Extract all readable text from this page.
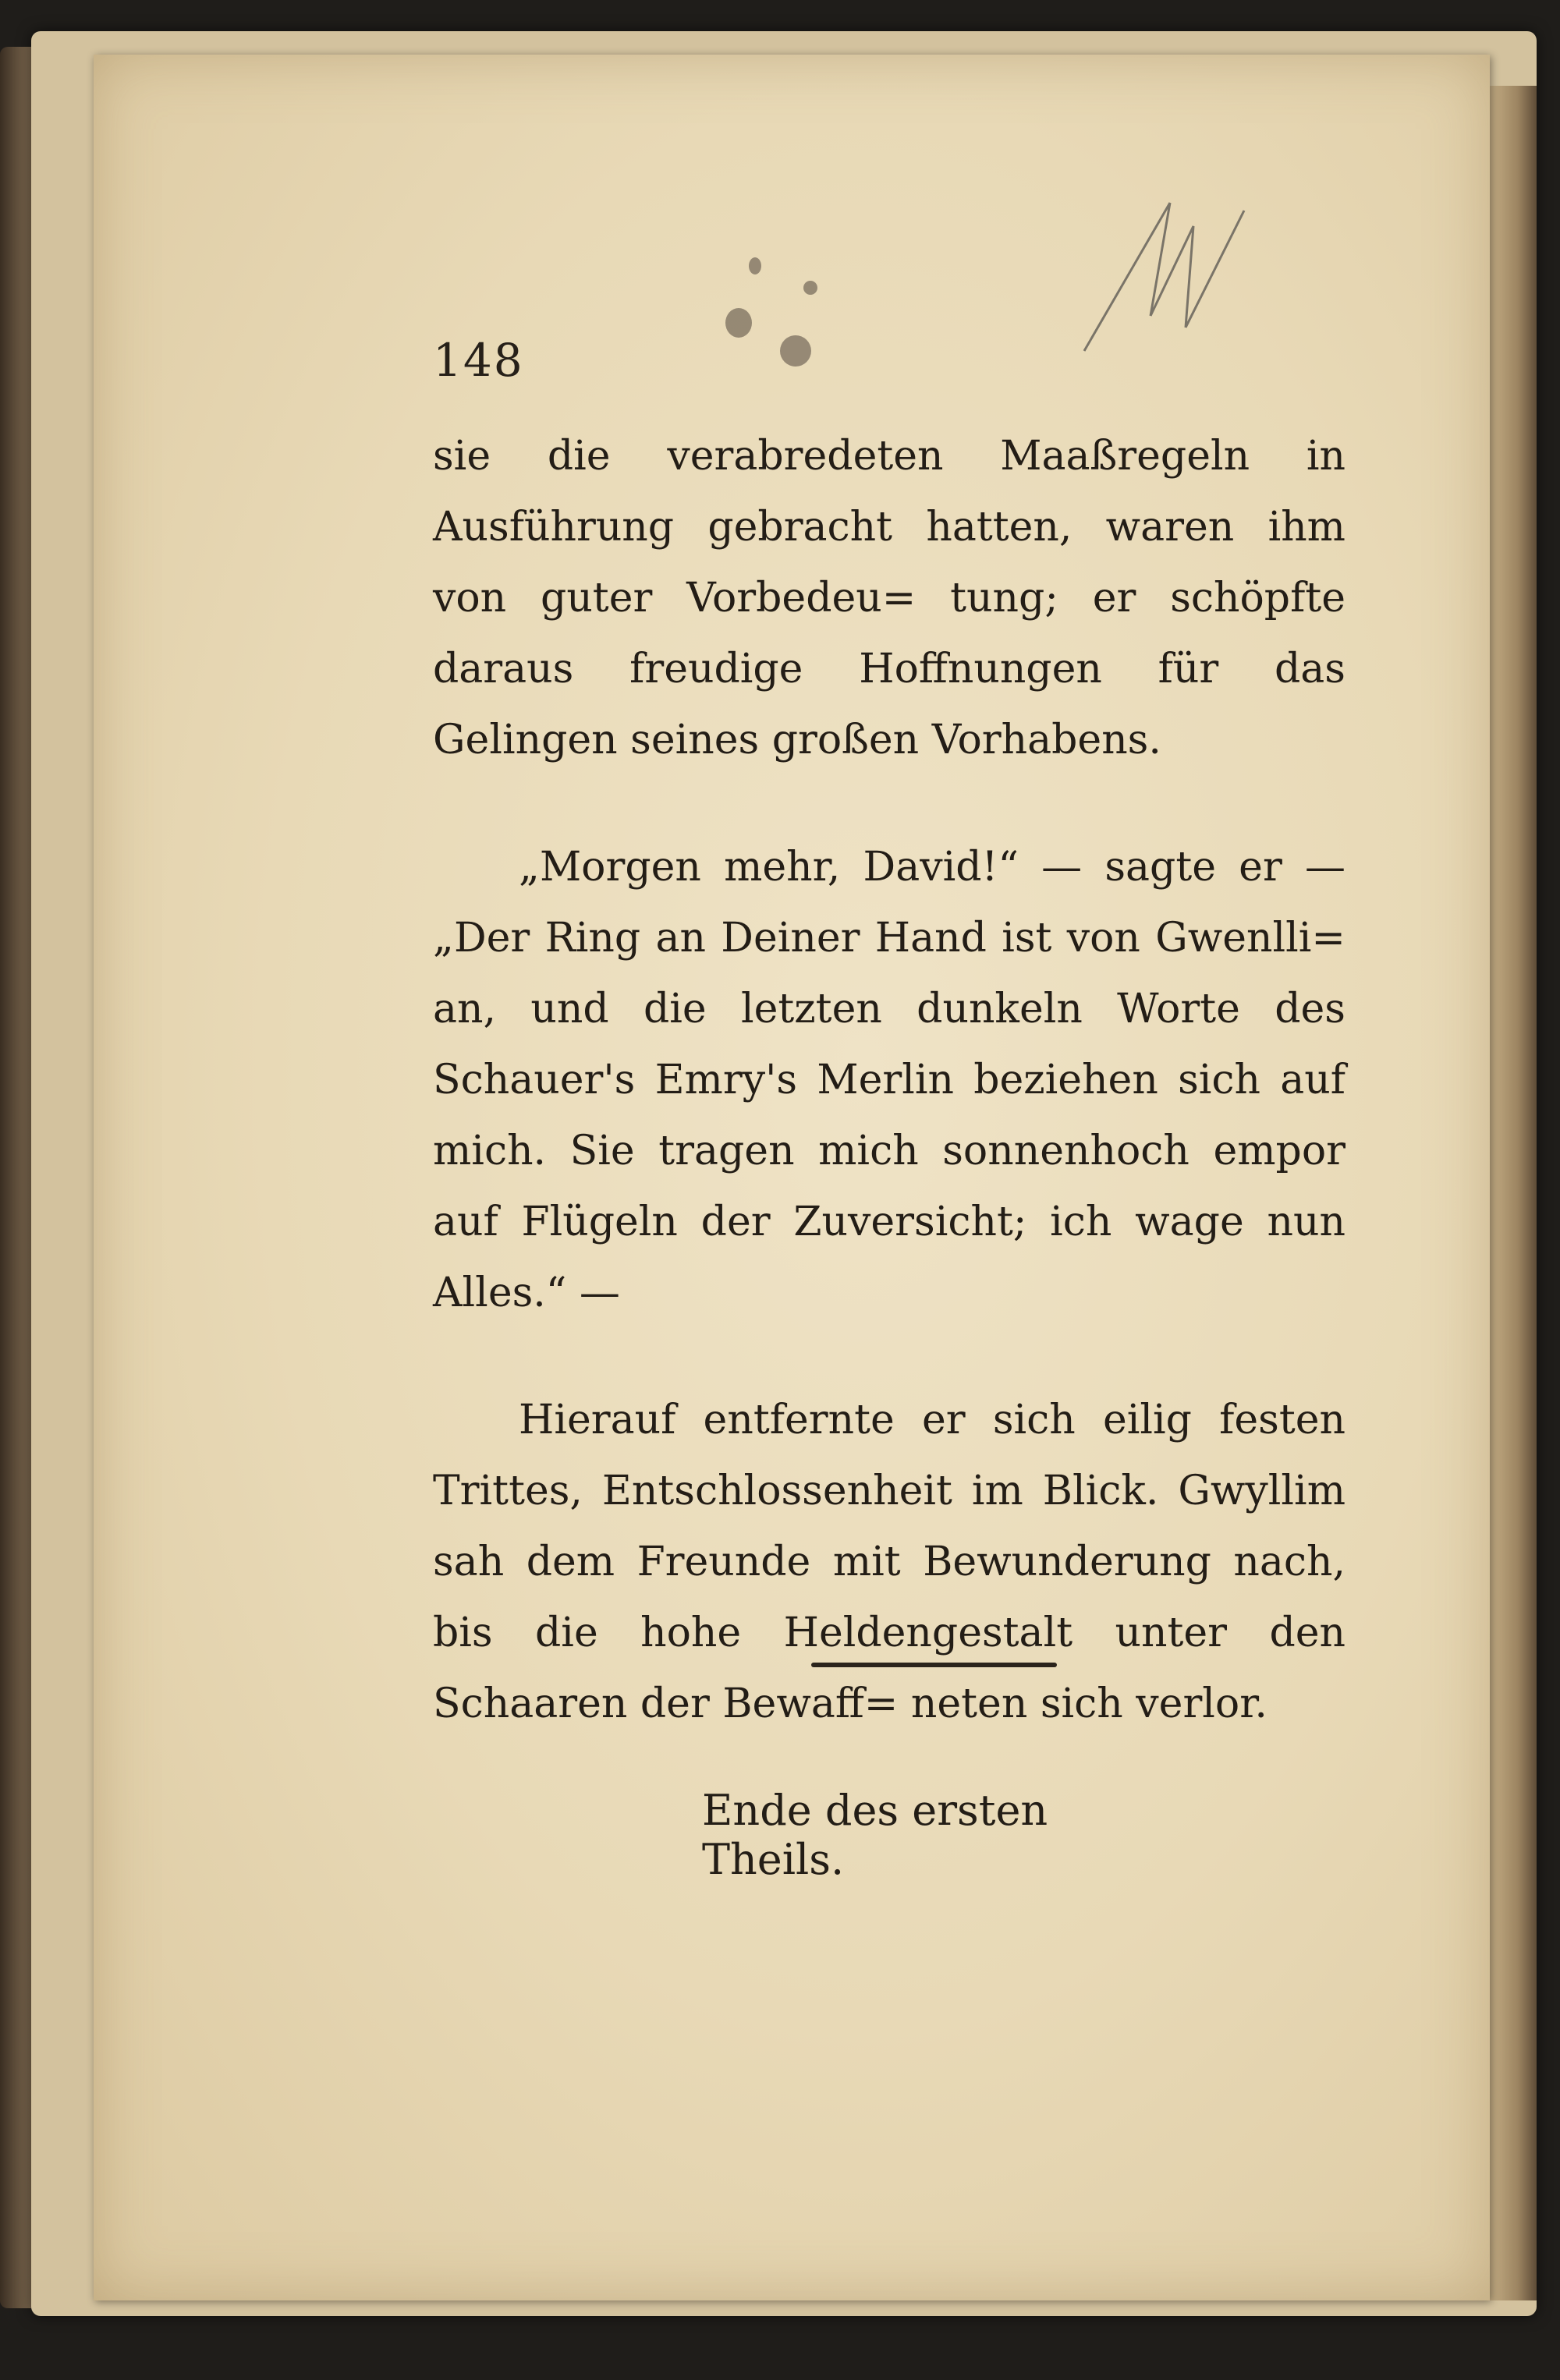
148

sie die verabredeten Maaßregeln in Ausführung gebracht hatten, waren ihm von guter Vorbedeu= tung; er schöpfte daraus freudige Hoffnungen für das Gelingen seines großen Vorhabens.

„Morgen mehr, David!“ — sagte er — „Der Ring an Deiner Hand ist von Gwenlli= an, und die letzten dunkeln Worte des Schauer's Emry's Merlin beziehen sich auf mich. Sie tragen mich sonnenhoch empor auf Flügeln der Zuversicht; ich wage nun Alles.“ —

Hierauf entfernte er sich eilig festen Trittes, Entschlossenheit im Blick. Gwyllim sah dem Freunde mit Bewunderung nach, bis die hohe Heldengestalt unter den Schaaren der Bewaff= neten sich verlor.

Ende des ersten Theils.
